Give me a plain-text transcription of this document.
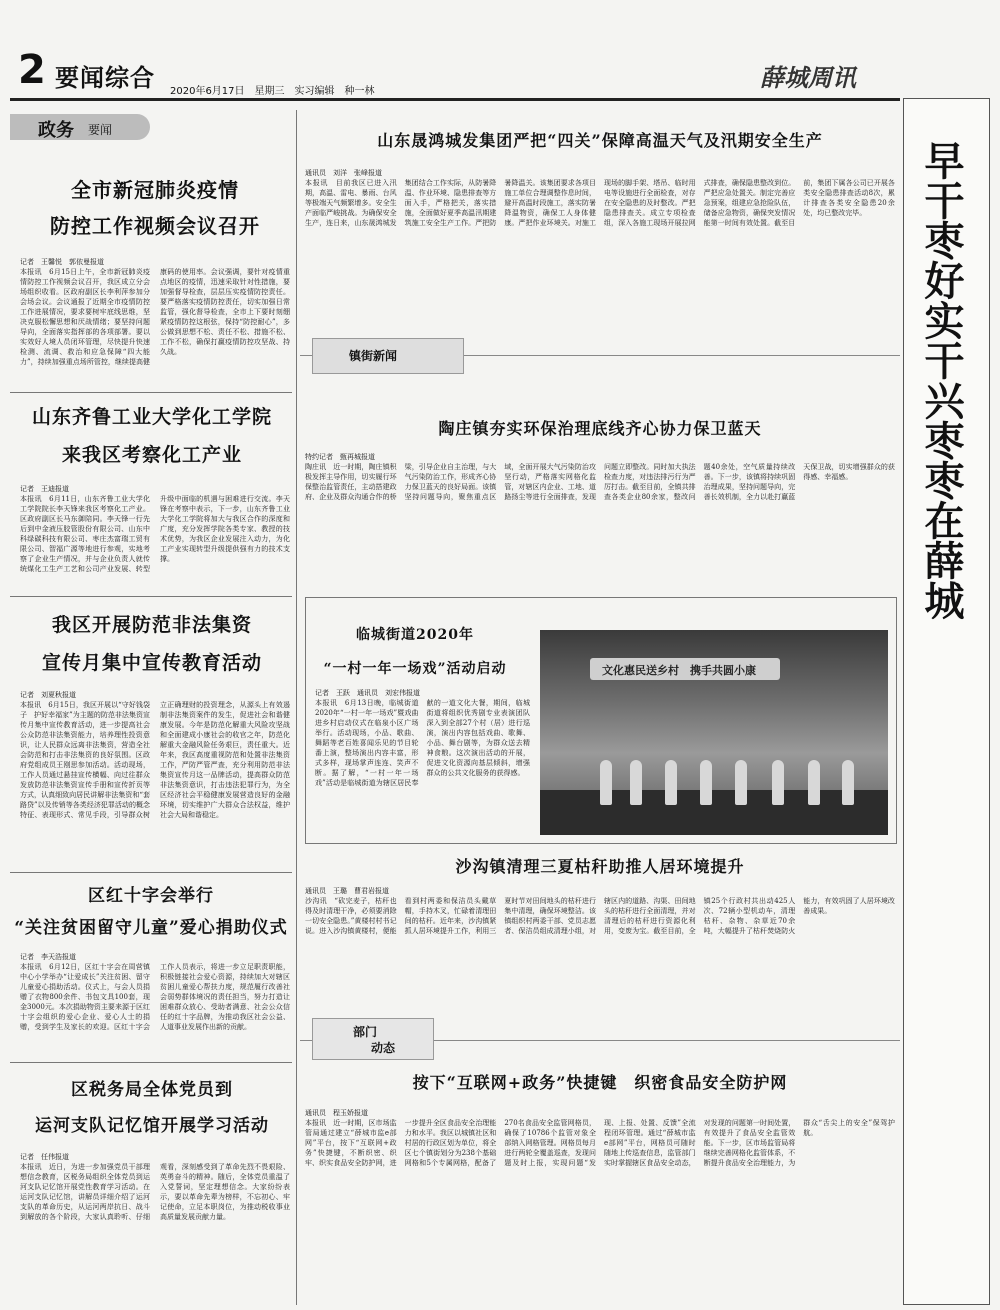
2 要闻综合 2020年6月17日　星期三　实习编辑　种一林	薛城周讯
政务 要闻
全市新冠肺炎疫情
防控工作视频会议召开
记者　王馨悦　郭依曼报道
本报讯　6月15日上午，全市新冠肺炎疫情防控工作视频会议召开，我区成立分会场组织收看。区政府副区长李利萍参加分会场会议。会议通报了近期全市疫情防控工作进展情况，要求要树牢底线思维，坚决克服松懈思想和厌战情绪；要坚持问题导向，全面落实指挥部的各项部署。要以实效好人境人员闭环管理，尽快提升快速检测、流调、救治和应急保障“四大能力”，持续加强重点场所管控，继续提高健康码的使用率。会议强调，要针对疫情重点地区的疫情，迅速采取针对性措施，要加强督导检查，层层压实疫情防控责任。要严格落实疫情防控责任，切实加强日常监管，强化督导检查，全市上下要时刻绷紧疫情防控这根弦，保持“防控耐心”，多公做到思想不松、责任不松、措施不松、工作不松，确保打赢疫情防控攻坚战、持久战。
山东齐鲁工业大学化工学院
来我区考察化工产业
记者　王迪报道
本报讯　6月11日，山东齐鲁工业大学化工学院院长李天锋来我区考察化工产业。区政府副区长马东御陪同。李天锋一行先后到中金液压胶管股份有限公司、山东中科绿碳科技有限公司、枣庄杰富瑞工贸有限公司、智福广源等地进行参观，实地考察了企业生产情况，并与企业负责人就传统煤化工生产工艺和公司产业发展、转型升级中面临的机遇与困难进行交流。李天锋在考察中表示，下一步，山东齐鲁工业大学化工学院将加大与我区合作的深度和广度，充分发挥学院各类专家、教授的技术优势，为我区企业发展注入动力，为化工产业实现转型升级提供强有力的技术支撑。
我区开展防范非法集资
宣传月集中宣传教育活动
记者　刘夏秋报道
本报讯　6月15日，我区开展以“守好钱袋子　护好幸福家”为主题的防范非法集资宣传月集中宣传教育活动，进一步提高社会公众防范非法集资能力，培养理性投资意识，让人民群众远离非法集资，营造全社会防范和打击非法集资的良好氛围。区政府党组成员王刚思参加活动。活动现场，工作人员通过悬挂宣传横幅、向过往群众发放防范非法集资宣传手册和宣传折页等方式，认真细致向居民讲解非法集资和“套路贷”以及传销等各类经济犯罪活动的概念特征、表现形式、常见手段，引导群众树立正确理财的投资理念，从源头上有效遏制非法集资案件的发生，促进社会和谐健康发展。今年是防范化解重大风险攻坚战和全面建成小康社会的收官之年，防范化解重大金融风险任务艰巨，责任重大。近年来，我区高度重视防范和处置非法集资工作，严防严管严查，充分利用防范非法集资宣传月这一品牌活动，提高群众防范非法集资意识，打击违法犯罪行为，为全区经济社会平稳健康发展营造良好的金融环境，切实维护广大群众合法权益，维护社会大局和谐稳定。
区红十字会举行
“关注贫困留守儿童”爱心捐助仪式
记者　李天浩报道
本报讯　6月12日，区红十字会在周营镇中心小学举办“让爱成长”关注贫困、留守儿童爱心捐助活动。仪式上，与会人员捐赠了衣物800余件、书包文具100套，现金3000元。本次捐助物资主要来源于区红十字会组织的爱心企业、爱心人士的捐赠，受到学生及家长的欢迎。区红十字会工作人员表示，将进一步立足职责职能，积极链接社会爱心资源，持续加大对辖区贫困儿童爱心帮扶力度，规范履行改善社会弱势群体境况的责任担当，努力打造让困难群众放心、受助者满意、社会公众信任的红十字品牌，为推动我区社会公益、人道事业发展作出新的贡献。
区税务局全体党员到
运河支队记忆馆开展学习活动
记者　任伟报道
本报讯　近日，为进一步加强党员干部理想信念教育，区税务局组织全体党员到运河支队记忆馆开展党性教育学习活动。在运河支队记忆馆，讲解员详细介绍了运河支队的革命历史，从运河两岸抗日、战斗到解放的各个阶段，大家认真聆听、仔细观看，深刻感受到了革命先烈不畏艰险、英勇奋斗的精神。随后，全体党员重温了入党誓词，坚定理想信念。大家纷纷表示，要以革命先辈为榜样，不忘初心、牢记使命，立足本职岗位，为推动税收事业高质量发展贡献力量。
山东晟鸿城发集团严把“四关”保障高温天气及汛期安全生产
通讯员　刘洋　张峰报道
本报讯　目前我区已进入汛期，高温、雷电、暴雨、台风等极端天气频繁增多。安全生产面临严峻挑战。为确保安全生产，连日来，山东晟鸿城发集团结合工作实际，从防暑降温、作业环境、隐患排查等方面入手，严格把关，落实措施，全面做好夏季高温汛期建筑施工安全生产工作。严把防暑降温关。该集团要求各项目施工单位合理调整作息时间，避开高温时段施工，落实防暑降温物资，确保工人身体健康。严把作业环境关。对施工现场的脚手架、塔吊、临时用电等设施进行全面检查，对存在安全隐患的及时整改。严把隐患排查关。成立专项检查组，深入各施工现场开展拉网式排查，确保隐患整改到位。严把应急处置关。制定完善应急预案，组建应急抢险队伍，储备应急物资，确保突发情况能第一时间有效处置。截至目前，集团下属各公司已开展各类安全隐患排查活动8次，累计排查各类安全隐患20余处，均已整改完毕。
镇街新闻
陶庄镇夯实环保治理底线齐心协力保卫蓝天
特约记者　甄再城报道
陶庄讯　近一时期，陶庄镇积极发挥主导作用，切实履行环保整治监管责任，主动搭建政府、企业及群众沟通合作的桥梁，引导企业自主治理，与大气污染防治工作，形成齐心协力保卫蓝天的良好局面。该镇坚持问题导向，聚焦重点区域，全面开展大气污染防治攻坚行动，严格落实网格化监管，对辖区内企业、工地、道路扬尘等进行全面排查，发现问题立即整改。同时加大执法检查力度，对违法排污行为严厉打击。截至目前，全镇共排查各类企业80余家，整改问题40余处，空气质量持续改善。下一步，该镇将持续巩固治理成果，坚持问题导向，完善长效机制，全力以赴打赢蓝天保卫战，切实增强群众的获得感、幸福感。
临城街道2020年
“一村一年一场戏”活动启动
记者　王跃　通讯员　刘宏伟报道
本报讯　6月13日晚，临城街道2020年“一村一年一场戏”暨戏曲进乡村启动仪式在临泉小区广场举行。活动现场，小品、歌曲、舞蹈等老百姓喜闻乐见的节目轮番上演，整场演出内容丰富，形式多样，现场掌声连连、笑声不断。据了解，“一村一年一场戏”活动是临城街道为辖区居民奉献的一道文化大餐，期间，临城街道将组织优秀剧专业表演团队深入到全部27个村（居）进行巡演，演出内容包括戏曲、歌舞、小品、舞台剧等，为群众送去精神食粮。这次演出活动的开展，促进文化资源向基层倾斜，增强群众的公共文化服务的获得感。
文化惠民送乡村　携手共圆小康
沙沟镇清理三夏枯秆助推人居环境提升
通讯员　王璐　曹君岩报道
沙沟讯　“砍完麦子，枯秆也得及时清理干净，必须要消除一切安全隐患。”黄楼村村书记说。进入沙沟镇黄楼村，便能看到村两委和保洁员头戴草帽，手持木叉，忙碌着清理田间的枯秆。近年来，沙沟镇紧抓人居环境提升工作，利用三夏时节对田间地头的枯秆进行集中清理，确保环境整洁。该镇组织村两委干部、党员志愿者、保洁员组成清理小组，对辖区内的道路、沟渠、田间地头的枯秆进行全面清理，并对清理后的枯秆进行资源化利用，变废为宝。截至目前，全镇25个行政村共出动425人次、72辆小型机动车，清理枯秆、杂物、杂草近70余吨，大幅提升了枯秆焚烧防火能力，有效巩固了人居环境改善成果。
部门
动态
按下“互联网+政务”快捷键　织密食品安全防护网
通讯员　程玉娇报道
本报讯　近一时期，区市场监管局通过建立“薛城市监e部网”平台，按下“互联网+政务”快捷键，不断织密、织牢、织实食品安全防护网，进一步提升全区食品安全治理能力和水平。我区以城镇社区和村居的行政区划为单位，将全区七个镇街划分为238个基础网格和5个专属网格，配备了270名食品安全监管网格员，确保了10786个监管对象全部纳入网格管理。网格员每月进行两轮全覆盖巡查，发现问题及时上报，实现问题“发现、上报、处置、反馈”全流程闭环管理。通过“薛城市监e部网”平台，网格员可随时随地上传巡查信息，监管部门实时掌握辖区食品安全动态，对发现的问题第一时间处置，有效提升了食品安全监管效能。下一步，区市场监管局将继续完善网格化监管体系，不断提升食品安全治理能力，为群众“舌尖上的安全”保驾护航。
早干枣好实干兴枣枣在薛城
